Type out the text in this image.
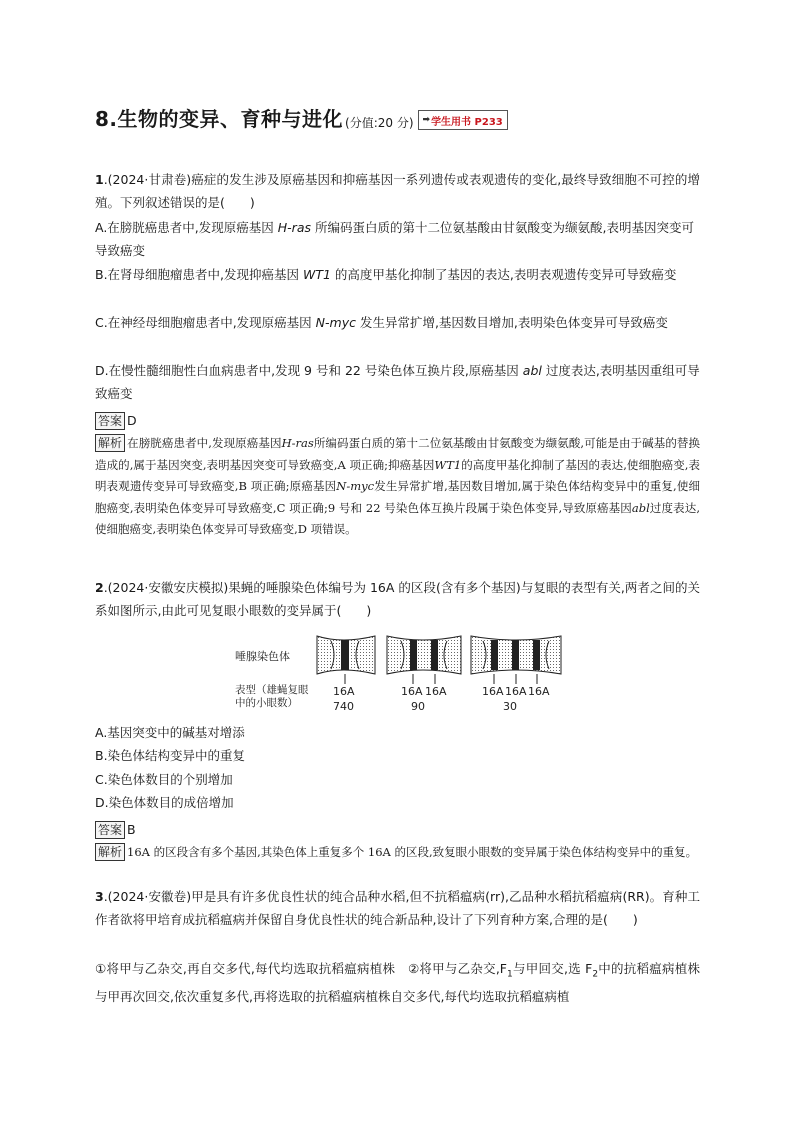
8.生物的变异、育种与进化 (分值:20 分) ➡ 学生用书 P233
1.(2024·甘肃卷)癌症的发生涉及原癌基因和抑癌基因一系列遗传或表观遗传的变化,最终导致细胞不可控的增殖。下列叙述错误的是(　　)
A.在膀胱癌患者中,发现原癌基因 H-ras 所编码蛋白质的第十二位氨基酸由甘氨酸变为缬氨酸,表明基因突变可导致癌变
B.在肾母细胞瘤患者中,发现抑癌基因 WT1 的高度甲基化抑制了基因的表达,表明表观遗传变异可导致癌变
C.在神经母细胞瘤患者中,发现原癌基因 N-myc 发生异常扩增,基因数目增加,表明染色体变异可导致癌变
D.在慢性髓细胞性白血病患者中,发现 9 号和 22 号染色体互换片段,原癌基因 abl 过度表达,表明基因重组可导致癌变
答案 D
解析 在膀胱癌患者中,发现原癌基因H-ras所编码蛋白质的第十二位氨基酸由甘氨酸变为缬氨酸,可能是由于碱基的替换造成的,属于基因突变,表明基因突变可导致癌变,A 项正确;抑癌基因WT1的高度甲基化抑制了基因的表达,使细胞癌变,表明表观遗传变异可导致癌变,B 项正确;原癌基因N-myc发生异常扩增,基因数目增加,属于染色体结构变异中的重复,使细胞癌变,表明染色体变异可导致癌变,C 项正确;9 号和 22 号染色体互换片段属于染色体变异,导致原癌基因abl过度表达,使细胞癌变,表明染色体变异可导致癌变,D 项错误。
2.(2024·安徽安庆模拟)果蝇的唾腺染色体编号为 16A 的区段(含有多个基因)与复眼的表型有关,两者之间的关系如图所示,由此可见复眼小眼数的变异属于(　　)
唾腺染色体
表型（雄蝇复眼
中的小眼数）
16A	16A 16A	16A 16A 16A
740	90	30
A.基因突变中的碱基对增添
B.染色体结构变异中的重复
C.染色体数目的个别增加
D.染色体数目的成倍增加
答案 B
解析 16A 的区段含有多个基因,其染色体上重复多个 16A 的区段,致复眼小眼数的变异属于染色体结构变异中的重复。
3.(2024·安徽卷)甲是具有许多优良性状的纯合品种水稻,但不抗稻瘟病(rr),乙品种水稻抗稻瘟病(RR)。育种工作者欲将甲培育成抗稻瘟病并保留自身优良性状的纯合新品种,设计了下列育种方案,合理的是(　　)
①将甲与乙杂交,再自交多代,每代均选取抗稻瘟病植株　②将甲与乙杂交$,F_1$与甲回交,选 $F_2$中的抗稻瘟病植株与甲再次回交,依次重复多代,再将选取的抗稻瘟病植株自交多代,每代均选取抗稻瘟病植
